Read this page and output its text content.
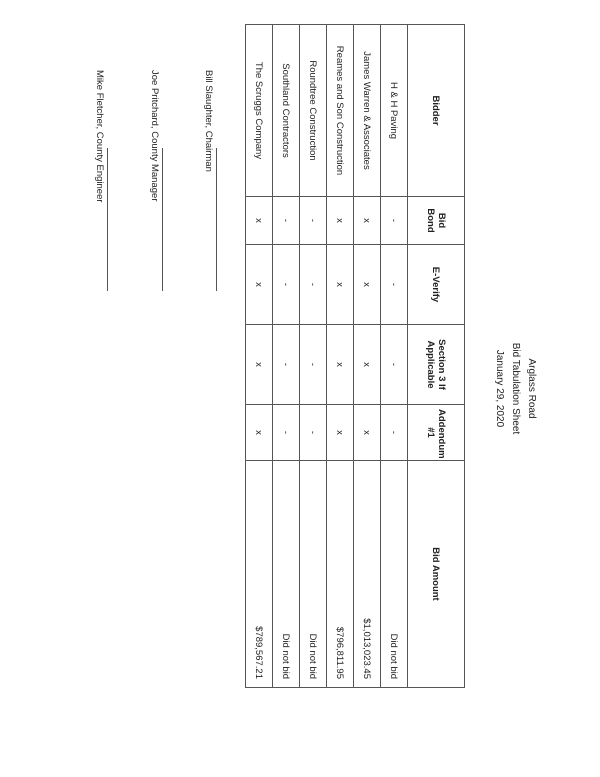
Arglass Road
Bid Tabulation Sheet
January 29, 2020
Bidder	Bid Bond	E-Verify	Section 3 If Applicable	Addendum #1	Bid Amount
H & H Paving	-	-	-	-	Did not bid
James Warren & Associates	x	x	x	x	$1,013,023.45
Reames and Son Construction	x	x	x	x	$796,811.95
Roundtree Construction	-	-	-	-	Did not bid
Southland Contractors	-	-	-	-	Did not bid
The Scruggs Company	x	x	x	x	$789,567.21
Bill Slaughter, Chairman
Joe Pritchard, County Manager
Mike Fletcher, County Engineer
